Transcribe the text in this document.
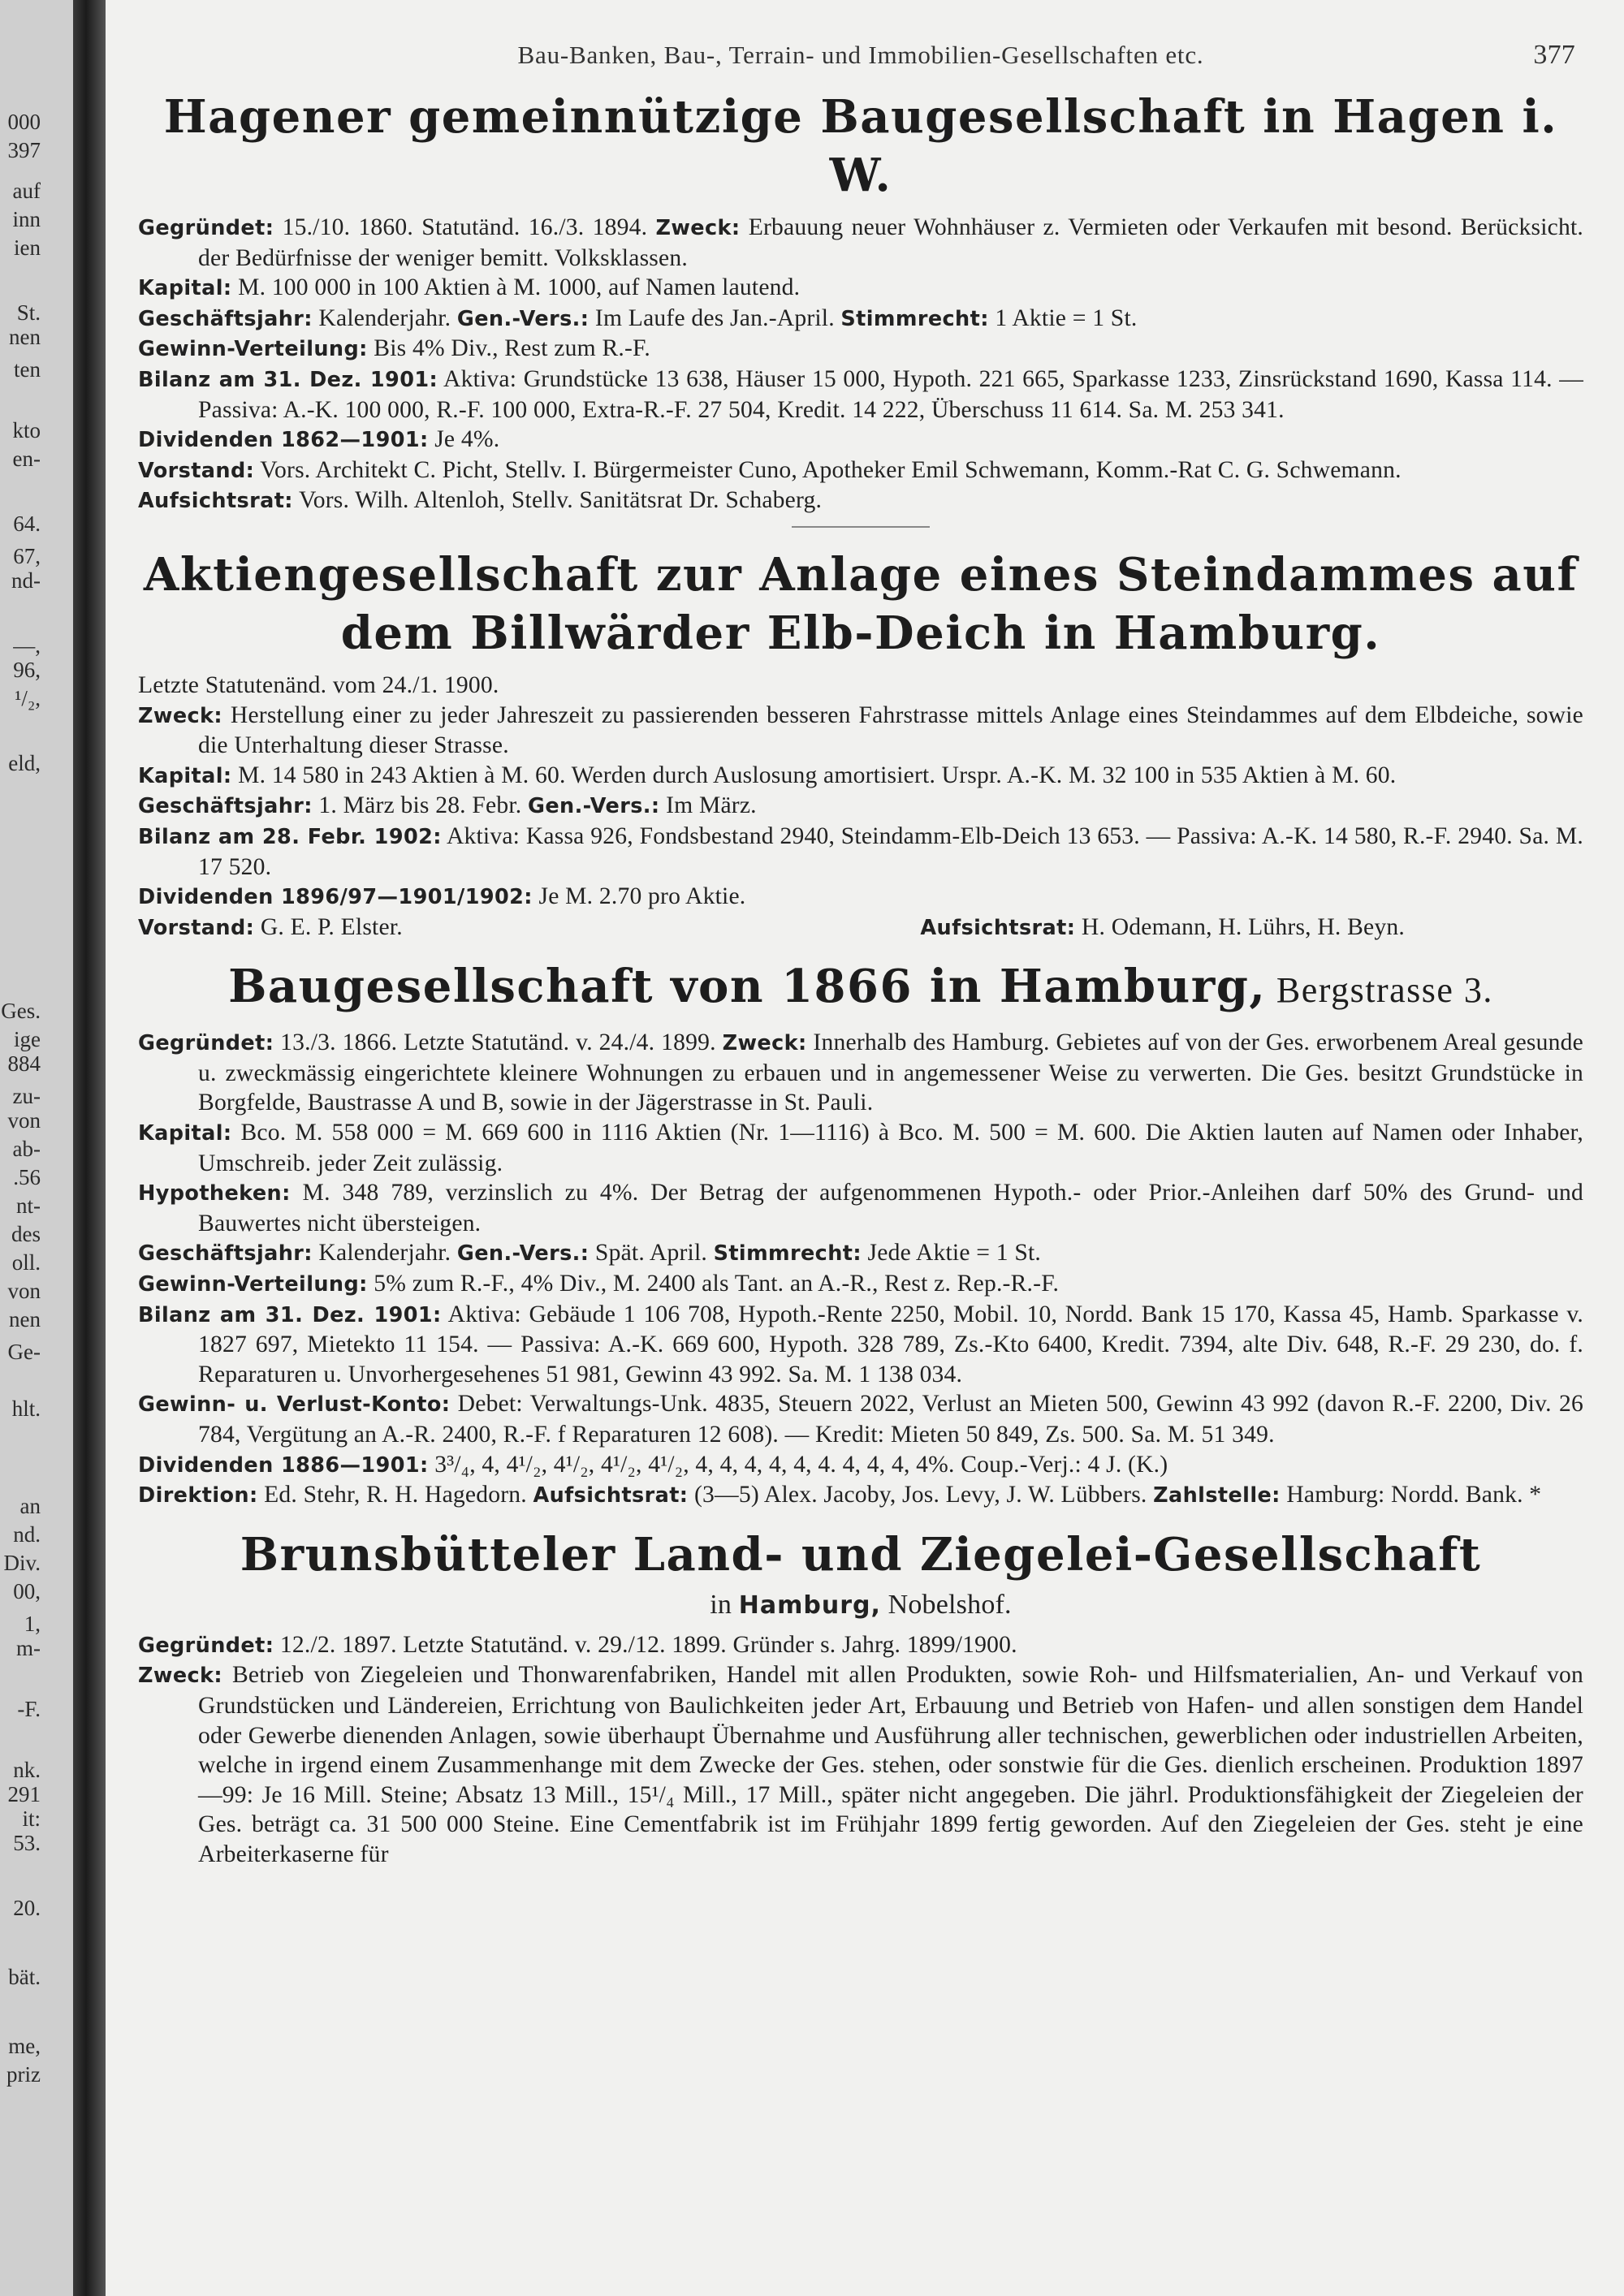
000
397
auf
inn
ien
St.
nen
ten
kto
en-
64.
67,
nd-
—,
96,
¹/₂,
eld,
Ges.
ige
884
zu-
von
ab-
.56
nt-
des
oll.
von
nen
Ge-
hlt.
an
nd.
Div.
00,
1,
m-
-F.
nk.
291
it:
53.
20.
bät.
me,
priz
Bau-Banken, Bau-, Terrain- und Immobilien-Gesellschaften etc.	377
Hagener gemeinnützige Baugesellschaft in Hagen i. W.

Gegründet: 15./10. 1860. Statutänd. 16./3. 1894. Zweck: Erbauung neuer Wohnhäuser z. Vermieten oder Verkaufen mit besond. Berücksicht. der Bedürfnisse der weniger bemitt. Volksklassen.

Kapital: M. 100 000 in 100 Aktien à M. 1000, auf Namen lautend.

Geschäftsjahr: Kalenderjahr. Gen.-Vers.: Im Laufe des Jan.-April. Stimmrecht: 1 Aktie = 1 St.

Gewinn-Verteilung: Bis 4% Div., Rest zum R.-F.

Bilanz am 31. Dez. 1901: Aktiva: Grundstücke 13 638, Häuser 15 000, Hypoth. 221 665, Sparkasse 1233, Zinsrückstand 1690, Kassa 114. — Passiva: A.-K. 100 000, R.-F. 100 000, Extra-R.-F. 27 504, Kredit. 14 222, Überschuss 11 614. Sa. M. 253 341.

Dividenden 1862—1901: Je 4%.

Vorstand: Vors. Architekt C. Picht, Stellv. I. Bürgermeister Cuno, Apotheker Emil Schwemann, Komm.-Rat C. G. Schwemann.

Aufsichtsrat: Vors. Wilh. Altenloh, Stellv. Sanitätsrat Dr. Schaberg.

Aktiengesellschaft zur Anlage eines Steindammes auf
dem Billwärder Elb-Deich in Hamburg.

Letzte Statutenänd. vom 24./1. 1900.

Zweck: Herstellung einer zu jeder Jahreszeit zu passierenden besseren Fahrstrasse mittels Anlage eines Steindammes auf dem Elbdeiche, sowie die Unterhaltung dieser Strasse.

Kapital: M. 14 580 in 243 Aktien à M. 60. Werden durch Auslosung amortisiert. Urspr. A.-K. M. 32 100 in 535 Aktien à M. 60.

Geschäftsjahr: 1. März bis 28. Febr. Gen.-Vers.: Im März.

Bilanz am 28. Febr. 1902: Aktiva: Kassa 926, Fondsbestand 2940, Steindamm-Elb-Deich 13 653. — Passiva: A.-K. 14 580, R.-F. 2940. Sa. M. 17 520.

Dividenden 1896/97—1901/1902: Je M. 2.70 pro Aktie.

Vorstand: G. E. P. Elster.	Aufsichtsrat: H. Odemann, H. Lührs, H. Beyn.

Baugesellschaft von 1866 in Hamburg, Bergstrasse 3.

Gegründet: 13./3. 1866. Letzte Statutänd. v. 24./4. 1899. Zweck: Innerhalb des Hamburg. Gebietes auf von der Ges. erworbenem Areal gesunde u. zweckmässig eingerichtete kleinere Wohnungen zu erbauen und in angemessener Weise zu verwerten. Die Ges. besitzt Grundstücke in Borgfelde, Baustrasse A und B, sowie in der Jägerstrasse in St. Pauli.

Kapital: Bco. M. 558 000 = M. 669 600 in 1116 Aktien (Nr. 1—1116) à Bco. M. 500 = M. 600. Die Aktien lauten auf Namen oder Inhaber, Umschreib. jeder Zeit zulässig.

Hypotheken: M. 348 789, verzinslich zu 4%. Der Betrag der aufgenommenen Hypoth.- oder Prior.-Anleihen darf 50% des Grund- und Bauwertes nicht übersteigen.

Geschäftsjahr: Kalenderjahr. Gen.-Vers.: Spät. April. Stimmrecht: Jede Aktie = 1 St.

Gewinn-Verteilung: 5% zum R.-F., 4% Div., M. 2400 als Tant. an A.-R., Rest z. Rep.-R.-F.

Bilanz am 31. Dez. 1901: Aktiva: Gebäude 1 106 708, Hypoth.-Rente 2250, Mobil. 10, Nordd. Bank 15 170, Kassa 45, Hamb. Sparkasse v. 1827 697, Mietekto 11 154. — Passiva: A.-K. 669 600, Hypoth. 328 789, Zs.-Kto 6400, Kredit. 7394, alte Div. 648, R.-F. 29 230, do. f. Reparaturen u. Unvorhergesehenes 51 981, Gewinn 43 992. Sa. M. 1 138 034.

Gewinn- u. Verlust-Konto: Debet: Verwaltungs-Unk. 4835, Steuern 2022, Verlust an Mieten 500, Gewinn 43 992 (davon R.-F. 2200, Div. 26 784, Vergütung an A.-R. 2400, R.-F. f Reparaturen 12 608). — Kredit: Mieten 50 849, Zs. 500. Sa. M. 51 349.

Dividenden 1886—1901: 3³/₄, 4, 4¹/₂, 4¹/₂, 4¹/₂, 4¹/₂, 4, 4, 4, 4, 4, 4. 4, 4, 4, 4%. Coup.-Verj.: 4 J. (K.)

Direktion: Ed. Stehr, R. H. Hagedorn. Aufsichtsrat: (3—5) Alex. Jacoby, Jos. Levy, J. W. Lübbers. Zahlstelle: Hamburg: Nordd. Bank. *

Brunsbütteler Land- und Ziegelei-Gesellschaft
in Hamburg, Nobelshof.

Gegründet: 12./2. 1897. Letzte Statutänd. v. 29./12. 1899. Gründer s. Jahrg. 1899/1900.

Zweck: Betrieb von Ziegeleien und Thonwarenfabriken, Handel mit allen Produkten, sowie Roh- und Hilfsmaterialien, An- und Verkauf von Grundstücken und Ländereien, Errichtung von Baulichkeiten jeder Art, Erbauung und Betrieb von Hafen- und allen sonstigen dem Handel oder Gewerbe dienenden Anlagen, sowie überhaupt Übernahme und Ausführung aller technischen, gewerblichen oder industriellen Arbeiten, welche in irgend einem Zusammenhange mit dem Zwecke der Ges. stehen, oder sonstwie für die Ges. dienlich erscheinen. Produktion 1897—99: Je 16 Mill. Steine; Absatz 13 Mill., 15¹/₄ Mill., 17 Mill., später nicht angegeben. Die jährl. Produktionsfähigkeit der Ziegeleien der Ges. beträgt ca. 31 500 000 Steine. Eine Cementfabrik ist im Frühjahr 1899 fertig geworden. Auf den Ziegeleien der Ges. steht je eine Arbeiterkaserne für
